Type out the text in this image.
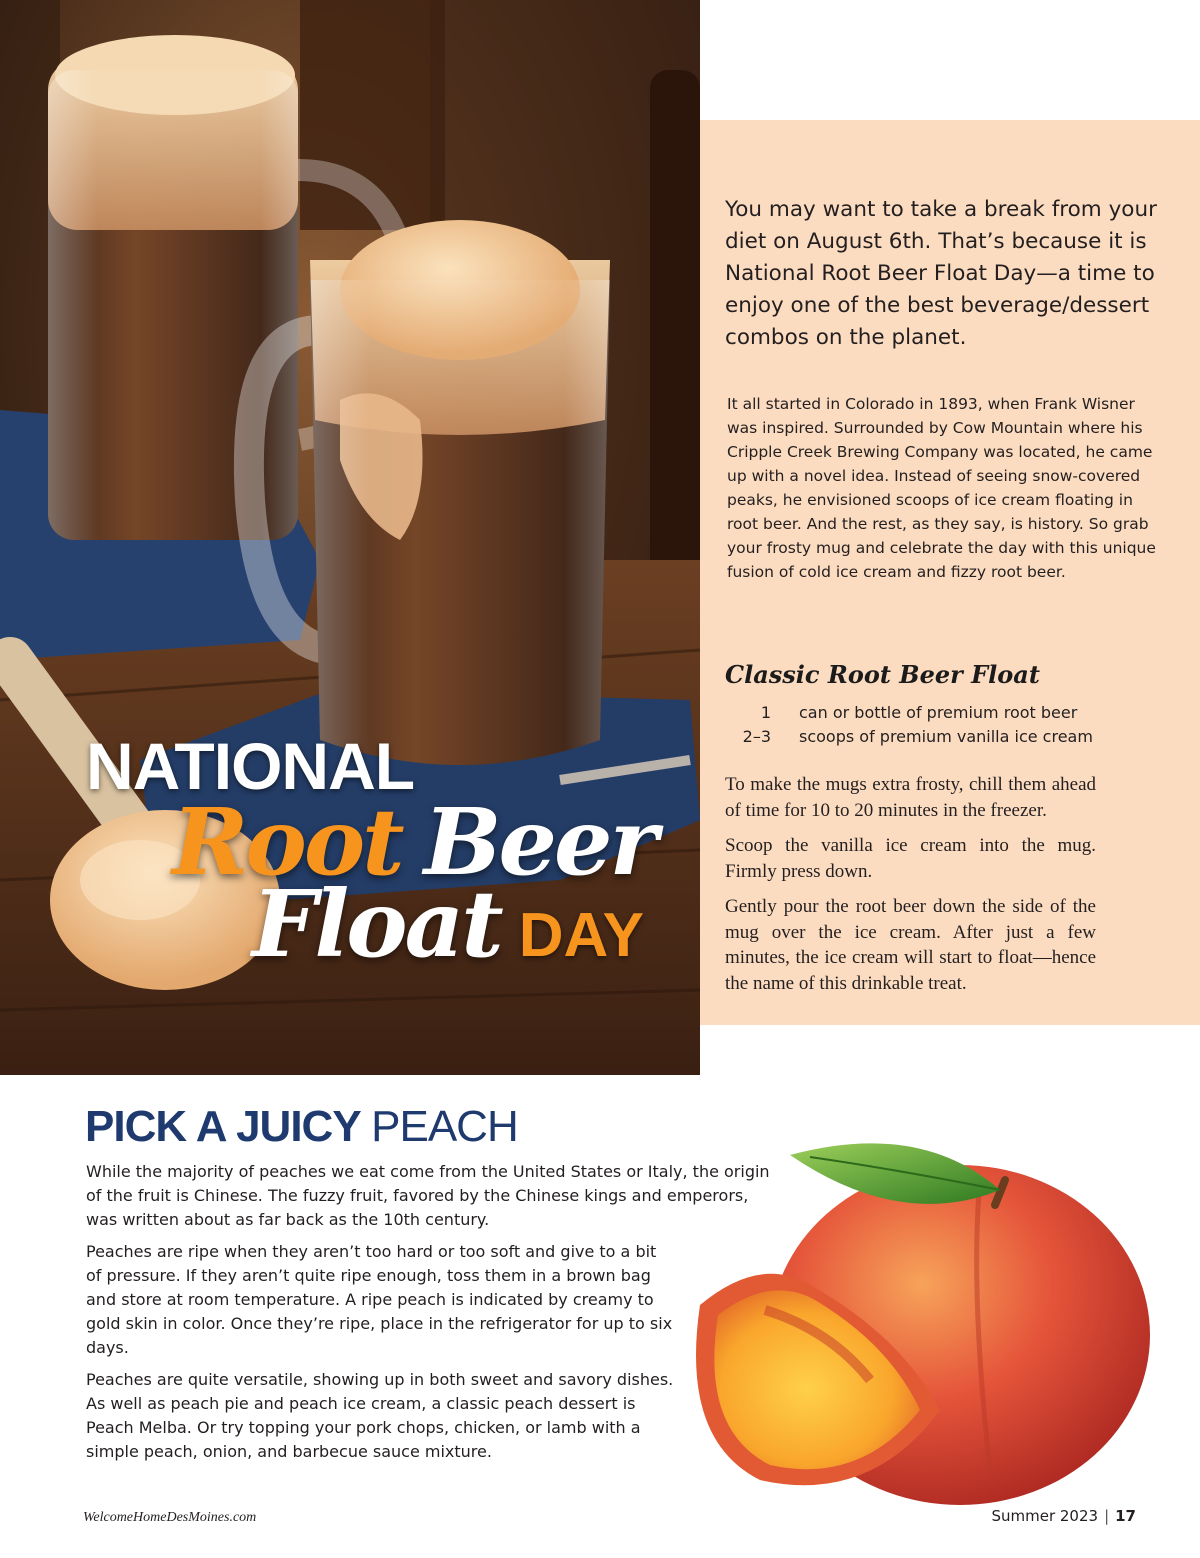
NATIONAL
Root Beer
Float DAY

You may want to take a break from your diet on August 6th. That’s because it is National Root Beer Float Day—a time to enjoy one of the best beverage/dessert combos on the planet.

It all started in Colorado in 1893, when Frank Wisner was inspired. Surrounded by Cow Mountain where his Cripple Creek Brewing Company was located, he came up with a novel idea. Instead of seeing snow-covered peaks, he envisioned scoops of ice cream floating in root beer. And the rest, as they say, is history. So grab your frosty mug and celebrate the day with this unique fusion of cold ice cream and fizzy root beer.

Classic Root Beer Float
1 can or bottle of premium root beer
2–3 scoops of premium vanilla ice cream

To make the mugs extra frosty, chill them ahead of time for 10 to 20 minutes in the freezer.

Scoop the vanilla ice cream into the mug. Firmly press down.

Gently pour the root beer down the side of the mug over the ice cream. After just a few minutes, the ice cream will start to float—hence the name of this drinkable treat.

PICK A JUICY PEACH

While the majority of peaches we eat come from the United States or Italy, the origin of the fruit is Chinese. The fuzzy fruit, favored by the Chinese kings and emperors, was written about as far back as the 10th century.

Peaches are ripe when they aren’t too hard or too soft and give to a bit of pressure. If they aren’t quite ripe enough, toss them in a brown bag and store at room temperature. A ripe peach is indicated by creamy to gold skin in color. Once they’re ripe, place in the refrigerator for up to six days.

Peaches are quite versatile, showing up in both sweet and savory dishes. As well as peach pie and peach ice cream, a classic peach dessert is Peach Melba. Or try topping your pork chops, chicken, or lamb with a simple peach, onion, and barbecue sauce mixture.

WelcomeHomeDesMoines.com	Summer 2023 | 17
